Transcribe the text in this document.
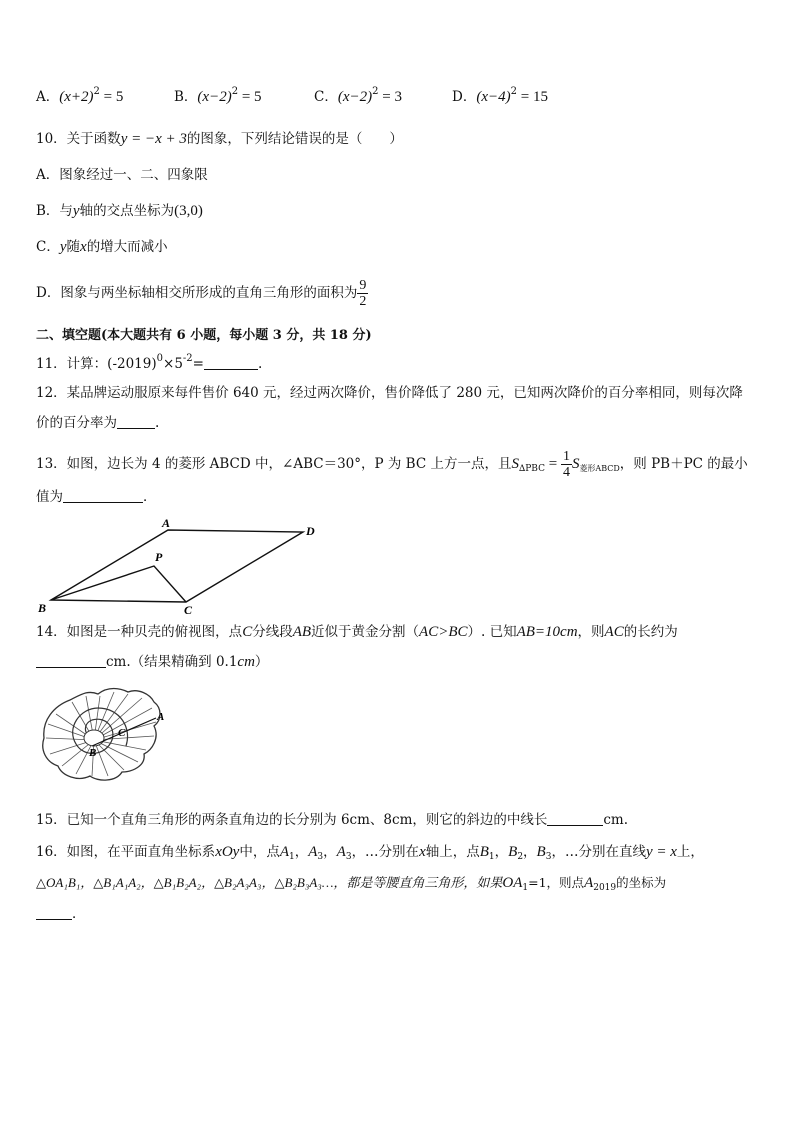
A．$(x+2)^2 = 5$	B．$(x-2)^2 = 5$	C．$(x-2)^2 = 3$	D．$(x-4)^2 = 15$
10．关于函数y = −x + 3的图象，下列结论错误的是（　　）
A．图象经过一、二、四象限
B．与y轴的交点坐标为(3,0)
C．y随x的增大而减小
D．图象与两坐标轴相交所形成的直角三角形的面积为 $\frac{9}{2}$
二、填空题(本大题共有 6 小题，每小题 3 分，共 18 分)
11．计算：$(-2019)^0\times 5^{-2}=$	.
12．某品牌运动服原来每件售价 640 元，经过两次降价，售价降低了 280 元，已知两次降价的百分率相同，则每次降
价的百分率为	.
13．如图，边长为 4 的菱形 ABCD 中，∠ABC＝30°，P 为 BC 上方一点，且$S_{\Delta PBC} = \frac{1}{4} S_{菱形ABCD}$，则 PB＋PC 的最小
值为	．
A
D
P
B	C
14．如图是一种贝壳的俯视图，点C分线段AB近似于黄金分割（AC>BC）. 已知AB=10cm，则AC的长约为
cm.（结果精确到 0.1cm）
A
C
B
15．已知一个直角三角形的两条直角边的长分别为 6cm、8cm，则它的斜边的中线长	cm.
16．如图，在平面直角坐标系xOy中，点$A_1$，$A_3$，$A_3$，…分别在x轴上，点$B_1$，$B_2$，$B_3$，…分别在直线y = x上，
△OA₁B₁，△B₁A₁A₂，△B₁B₂A₂，△B₂A₃A₃，△B₂B₃A₃…，都是等腰直角三角形，如果$OA_1=1$，则点$A_{2019}$的坐标为
．
